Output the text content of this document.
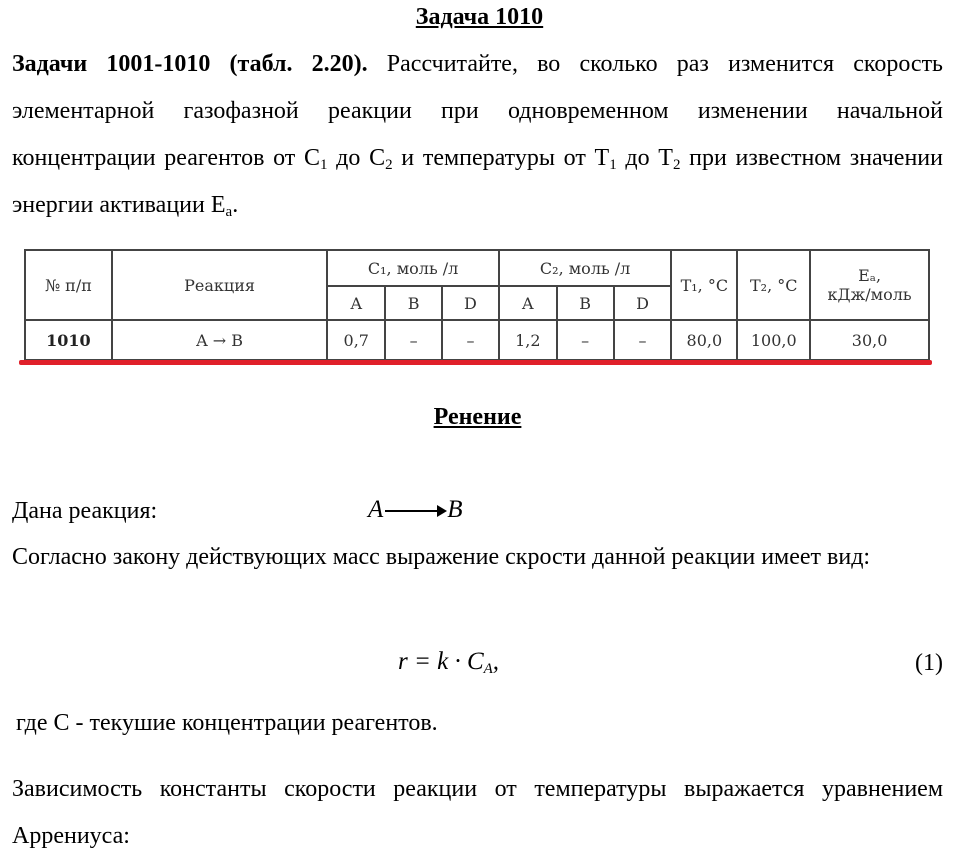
Задача 1010
Задачи 1001-1010 (табл. 2.20). Рассчитайте, во сколько раз изменится скорость элементарной газофазной реакции при одновременном изменении начальной концентрации реагентов от $C_1$ до $C_2$ и температуры от $T_1$ до $T_2$ при известном значении энергии активации $E_a$.
№ п/п	Реакция	C₁, моль /л			C₂, моль /л			T₁, °C	T₂, °C	Eₐ,
кДж/моль

		A	B	D	A	B	D			
1010	A → B	0,7	–	–	1,2	–	–	80,0	100,0	30,0
Ренение
Дана реакция:	A	B
Согласно закону действующих масс выражение скрости данной реакции имеет вид:
$r = k \cdot C_A$,	(1)
где C - текушие концентрации реагентов.
Зависимость константы скорости реакции от температуры выражается уравнением Аррениуса:
